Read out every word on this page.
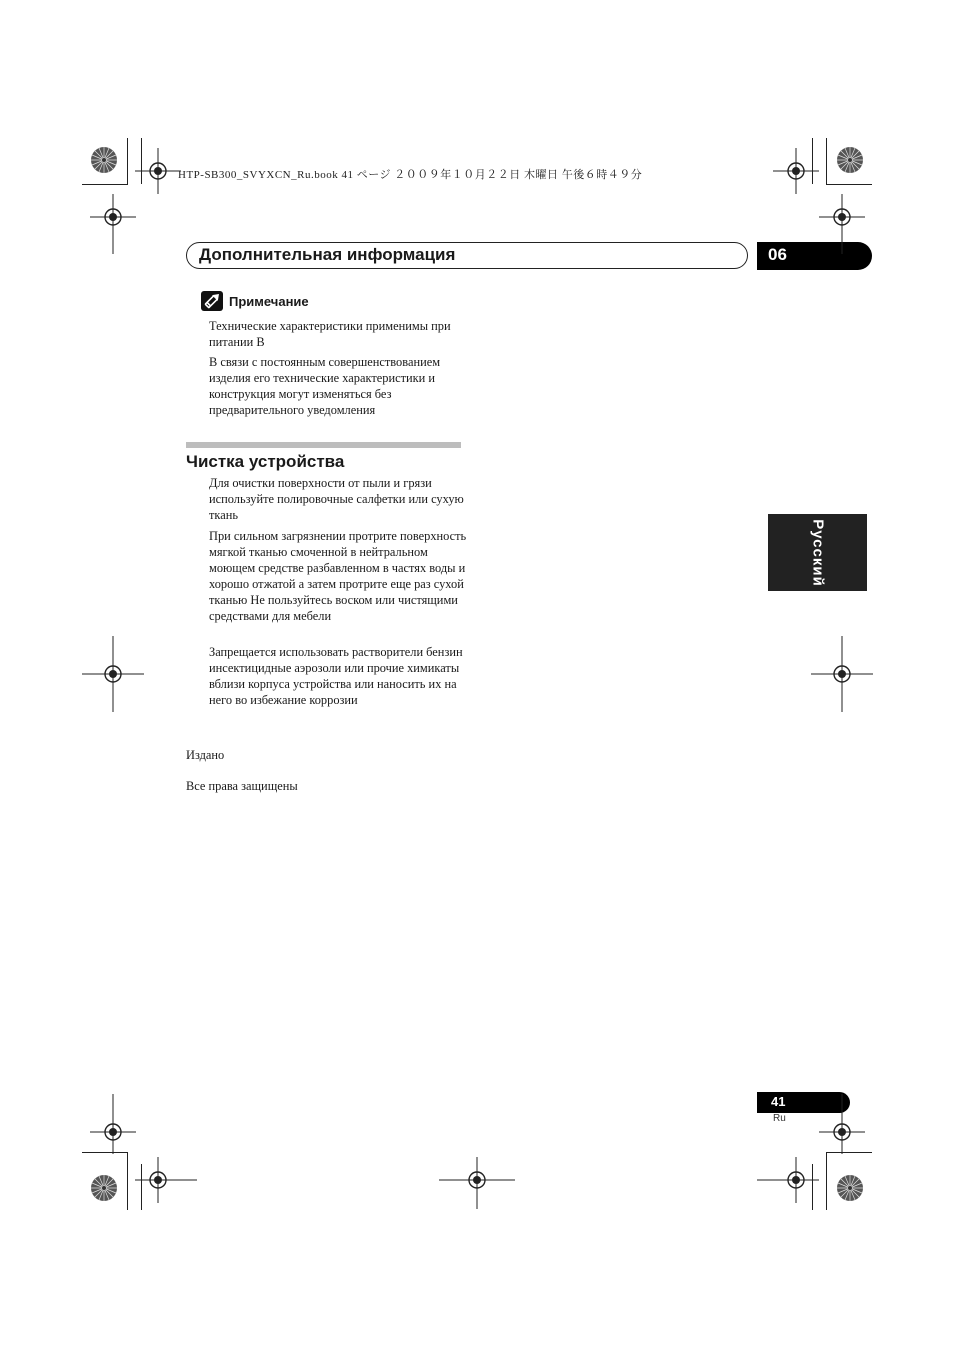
HTP-SB300_SVYXCN_Ru.book 41 ページ ２００９年１０月２２日 木曜日 午後６時４９分
Дополнительная информация	06
Примечание
Технические характеристики применимы при питании В
В связи с постоянным совершенствованием изделия его технические характеристики и конструкция могут изменяться без предварительного уведомления
Чистка устройства
Для очистки поверхности от пыли и грязи используйте полировочные салфетки или сухую ткань
При сильном загрязнении протрите поверхность мягкой тканью смоченной в нейтральном моющем средстве разбавленном в частях воды и хорошо отжатой а затем протрите еще раз сухой тканью Не пользуйтесь воском или чистящими средствами для мебели
Запрещается использовать растворители бензин инсектицидные аэрозоли или прочие химикаты вблизи корпуса устройства или наносить их на него во избежание коррозии
Издано
Все права защищены
Русский
41
Ru
